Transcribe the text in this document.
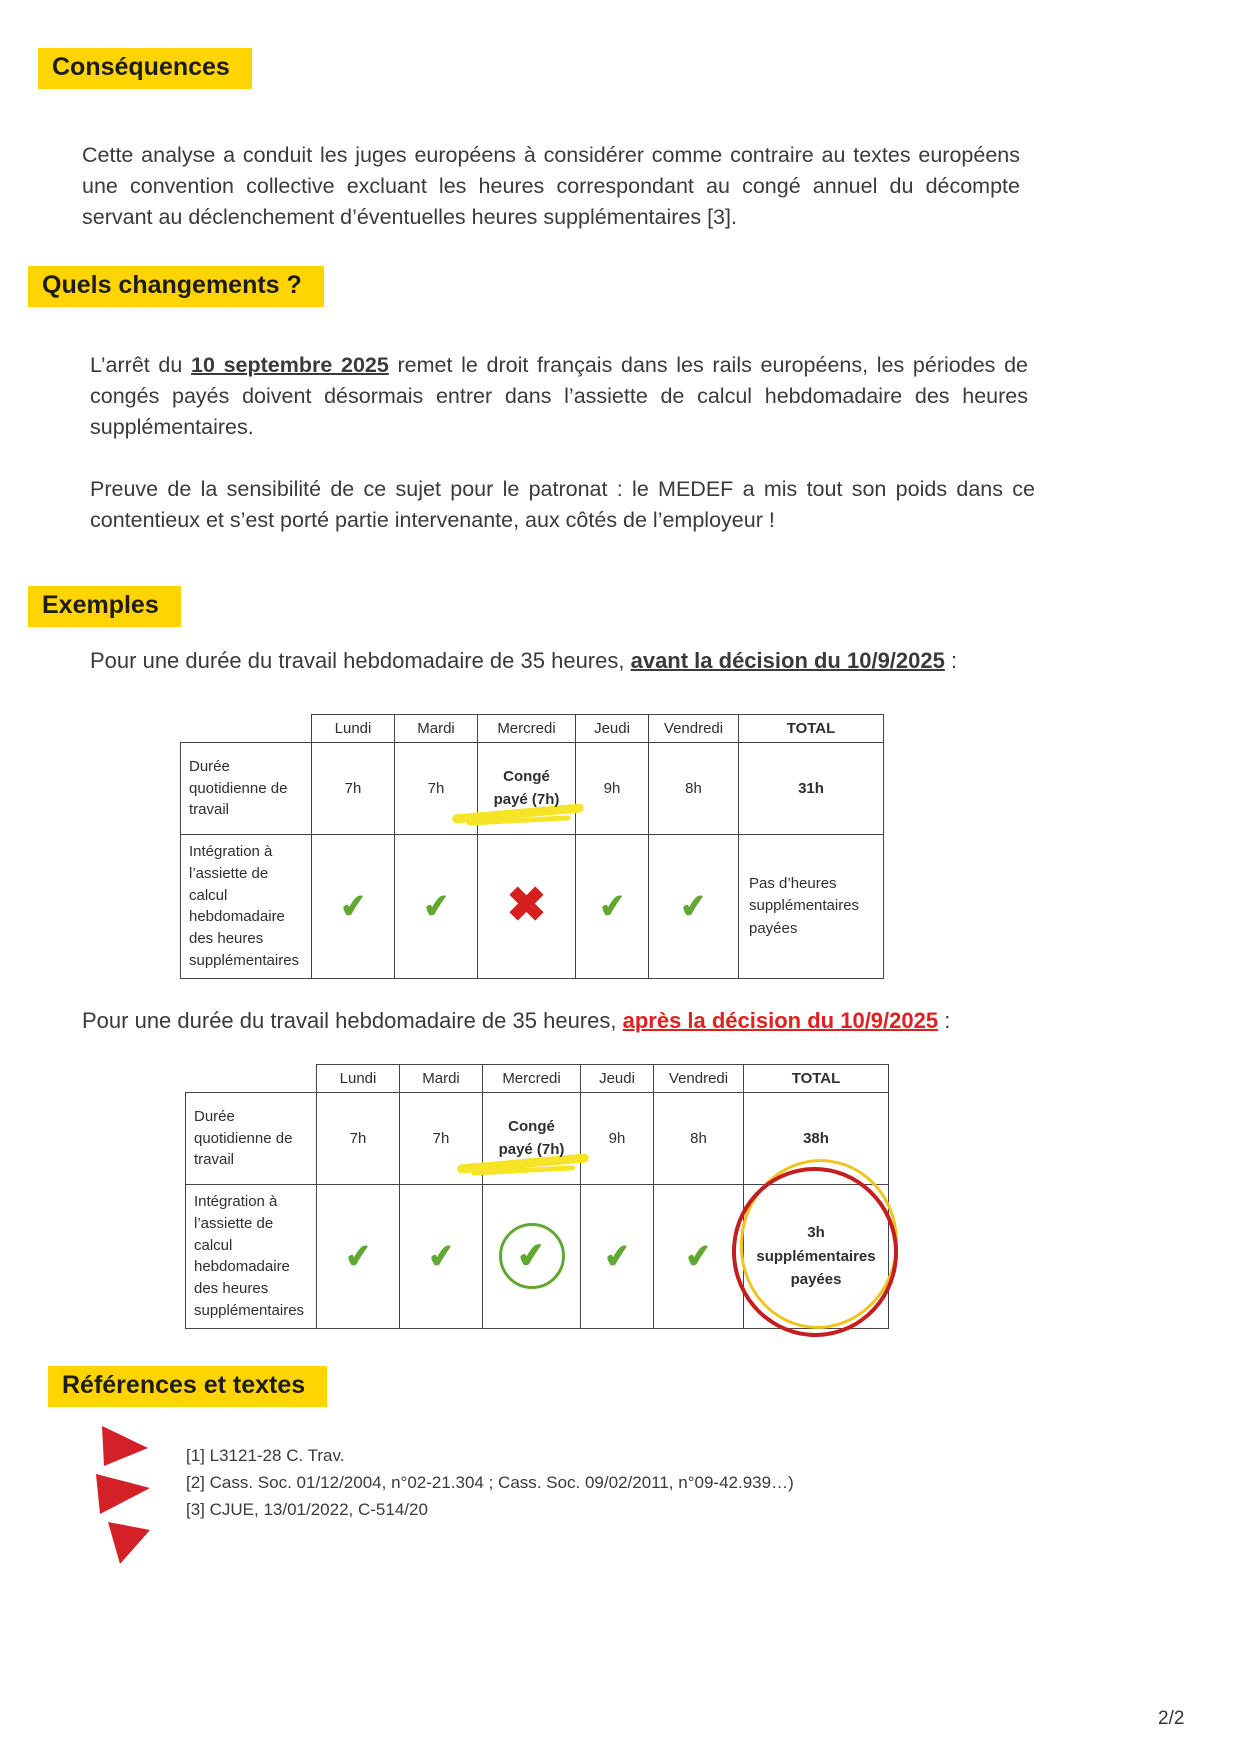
Conséquences

Cette analyse a conduit les juges européens à considérer comme contraire au textes européens une convention collective excluant les heures correspondant au congé annuel du décompte servant au déclenchement d’éventuelles heures supplémentaires [3].

Quels changements ?

L’arrêt du 10 septembre 2025 remet le droit français dans les rails européens, les périodes de congés payés doivent désormais entrer dans l’assiette de calcul hebdomadaire des heures supplémentaires.

Preuve de la sensibilité de ce sujet pour le patronat : le MEDEF a mis tout son poids dans ce contentieux et s’est porté partie intervenante, aux côtés de l’employeur !

Exemples

Pour une durée du travail hebdomadaire de 35 heures, avant la décision du 10/9/2025 :

	Lundi	Mardi	Mercredi	Jeudi	Vendredi	TOTAL
Durée quotidienne de travail	7h	7h	Congé payé (7h)	9h	8h	31h
Intégration à l’assiette de calcul hebdomadaire des heures supplémentaires	✔	✔	✖	✔	✔	Pas d’heures supplémentaires payées

Pour une durée du travail hebdomadaire de 35 heures, après la décision du 10/9/2025 :

	Lundi	Mardi	Mercredi	Jeudi	Vendredi	TOTAL
Durée quotidienne de travail	7h	7h	Congé payé (7h)	9h	8h	38h
Intégration à l’assiette de calcul hebdomadaire des heures supplémentaires	✔	✔	✔	✔	✔	3h supplémentaires payées
Références et textes

[1] L3121-28 C. Trav.

[2] Cass. Soc. 01/12/2004, n°02-21.304 ; Cass. Soc. 09/02/2011, n°09-42.939…)

[3] CJUE, 13/01/2022, C-514/20

2/2
